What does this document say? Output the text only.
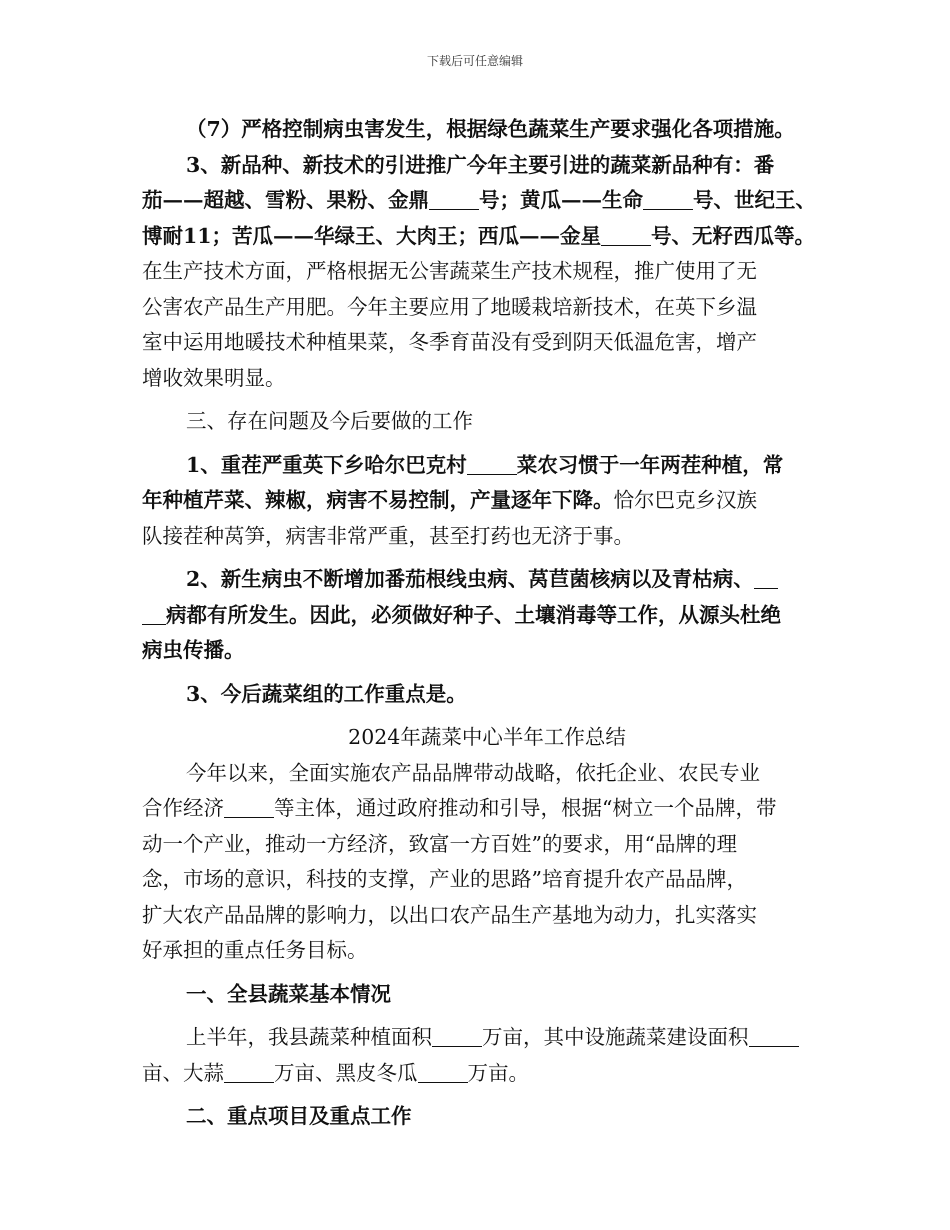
下载后可任意编辑

（7）严格控制病虫害发生，根据绿色蔬菜生产要求强化各项措施。

3、新品种、新技术的引进推广今年主要引进的蔬菜新品种有：番

茄——超越、雪粉、果粉、金鼎 号；黄瓜——生命 号、世纪王、

博耐11；苦瓜——华绿王、大肉王；西瓜——金星 号、无籽西瓜等。

在生产技术方面，严格根据无公害蔬菜生产技术规程，推广使用了无

公害农产品生产用肥。今年主要应用了地暖栽培新技术，在英下乡温

室中运用地暖技术种植果菜，冬季育苗没有受到阴天低温危害，增产

增收效果明显。

三、存在问题及今后要做的工作

1、重茬严重英下乡哈尔巴克村 菜农习惯于一年两茬种植，常

年种植芹菜、辣椒，病害不易控制，产量逐年下降。恰尔巴克乡汉族

队接茬种莴笋，病害非常严重，甚至打药也无济于事。

2、新生病虫不断增加番茄根线虫病、莴苣菌核病以及青枯病、

病都有所发生。因此，必须做好种子、土壤消毒等工作，从源头杜绝

病虫传播。

3、今后蔬菜组的工作重点是。

2024年蔬菜中心半年工作总结

今年以来，全面实施农产品品牌带动战略，依托企业、农民专业

合作经济 等主体，通过政府推动和引导，根据“树立一个品牌，带

动一个产业，推动一方经济，致富一方百姓”的要求，用“品牌的理

念，市场的意识，科技的支撑，产业的思路”培育提升农产品品牌，

扩大农产品品牌的影响力，以出口农产品生产基地为动力，扎实落实

好承担的重点任务目标。

一、全县蔬菜基本情况

上半年，我县蔬菜种植面积 万亩，其中设施蔬菜建设面积

亩、大蒜 万亩、黑皮冬瓜 万亩。

二、重点项目及重点工作
